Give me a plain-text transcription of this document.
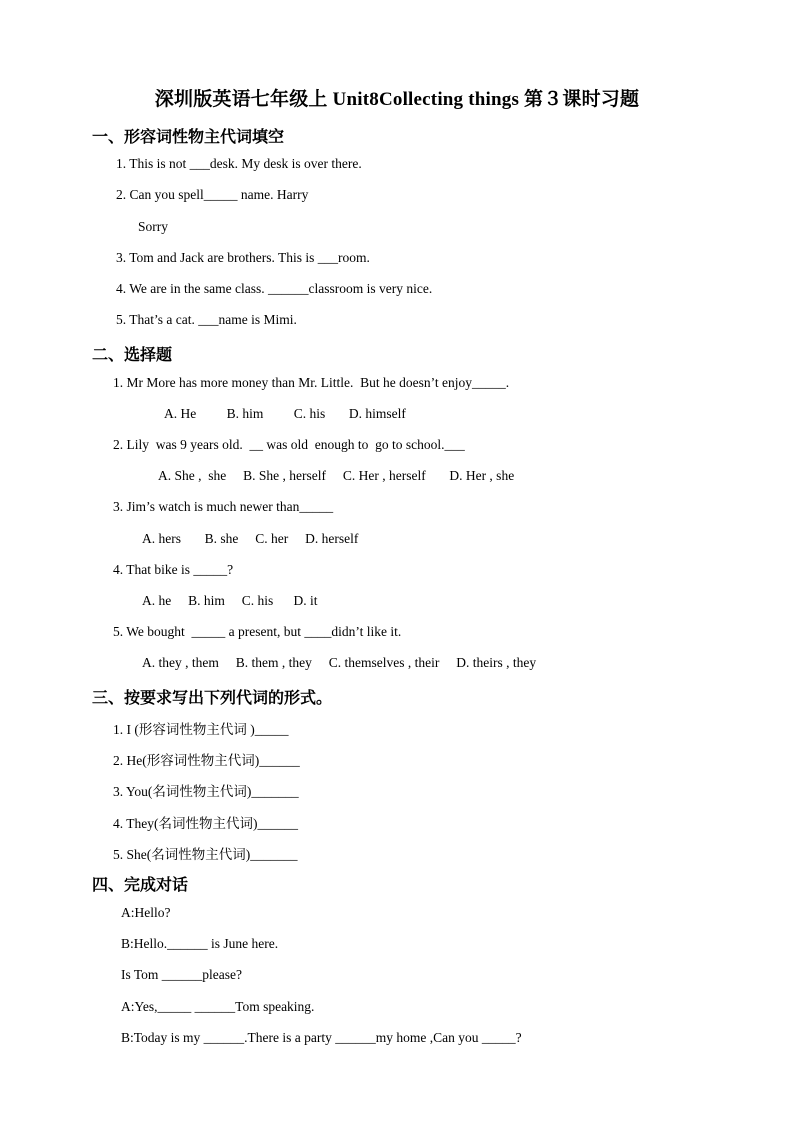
深圳版英语七年级上 Unit8Collecting things 第３课时习题
一、形容词性物主代词填空
1. This is not ___desk. My desk is over there.
2. Can you spell_____ name. Harry
Sorry
3. Tom and Jack are brothers. This is ___room.
4. We are in the same class. ______classroom is very nice.
5. That’s a cat. ___name is Mimi.
二、选择题
1. Mr More has more money than Mr. Little.  But he doesn’t enjoy_____.
A. He         B. him         C. his       D. himself
2. Lily  was 9 years old.  __ was old  enough to  go to school.___
A. She ,  she     B. She , herself     C. Her , herself       D. Her , she
3. Jim’s watch is much newer than_____
A. hers       B. she     C. her     D. herself
4. That bike is _____?
A. he     B. him     C. his      D. it
5. We bought  _____ a present, but ____didn’t like it.
A. they , them     B. them , they     C. themselves , their     D. theirs , they
三、按要求写出下列代词的形式。
1. I (形容词性物主代词 )_____
2. He(形容词性物主代词)______
3. You(名词性物主代词)_______
4. They(名词性物主代词)______
5. She(名词性物主代词)_______
四、完成对话
A:Hello?
B:Hello.______ is June here.
Is Tom ______please?
A:Yes,_____ ______Tom speaking.
B:Today is my ______.There is a party ______my home ,Can you _____?
